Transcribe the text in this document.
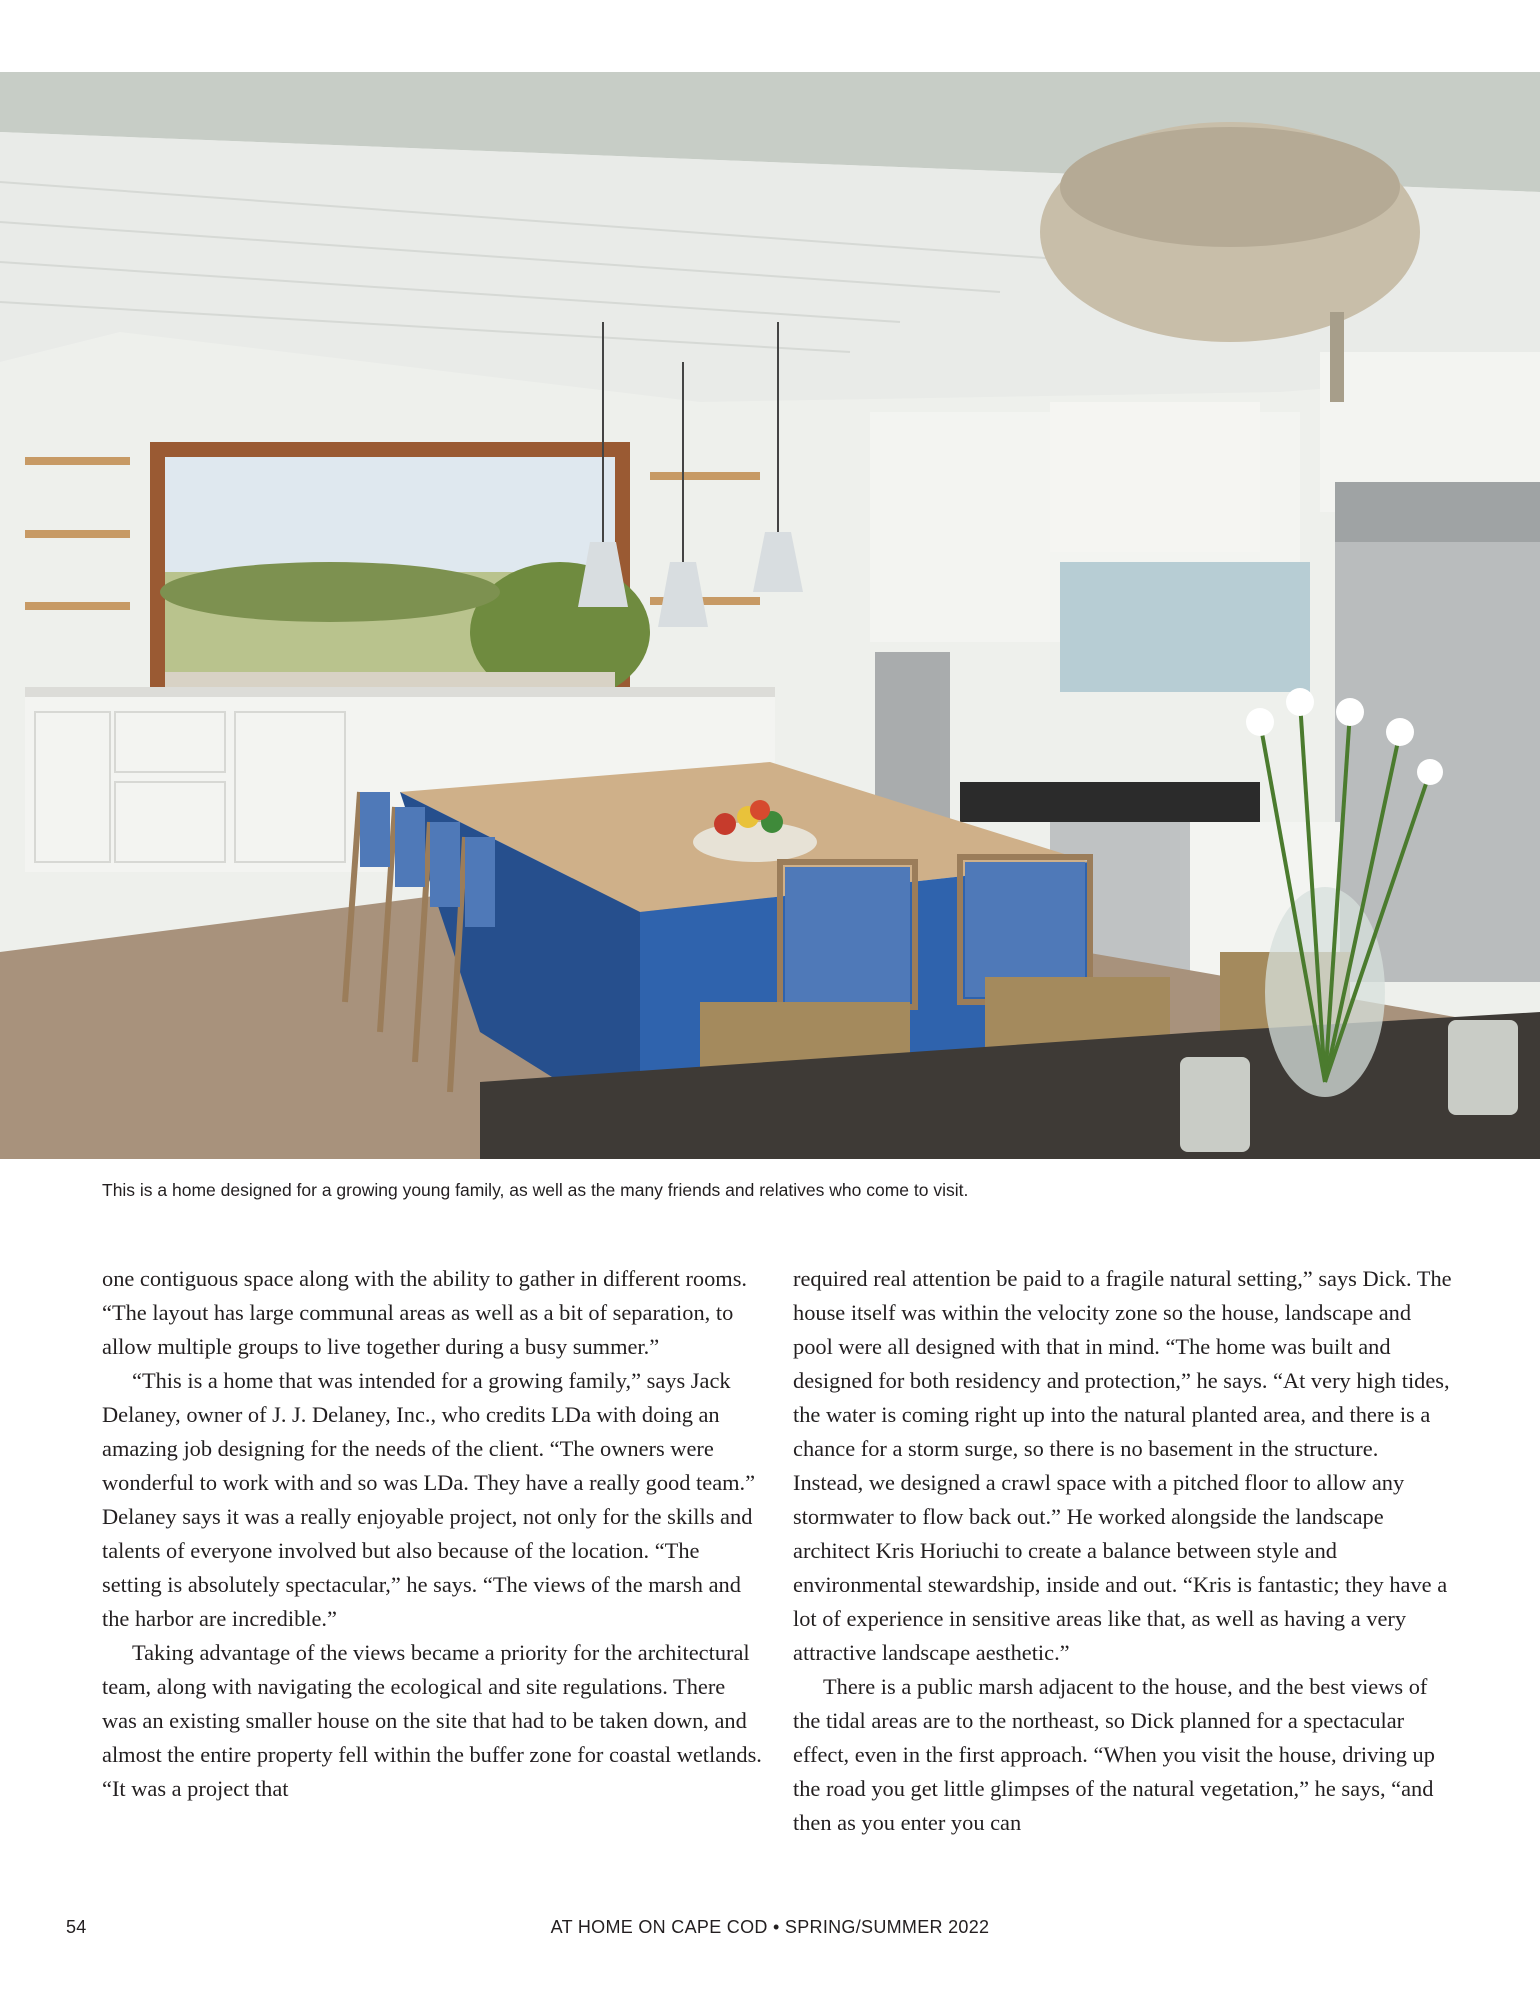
This is a home designed for a growing young family, as well as the many friends and relatives who come to visit.

one contiguous space along with the ability to gather in different rooms. “The layout has large communal areas as well as a bit of separation, to allow multiple groups to live together during a busy summer.”

“This is a home that was intended for a growing family,” says Jack Delaney, owner of J. J. Delaney, Inc., who credits LDa with doing an amazing job designing for the needs of the client. “The owners were wonderful to work with and so was LDa. They have a really good team.” Delaney says it was a really enjoyable project, not only for the skills and talents of everyone involved but also because of the location. “The setting is absolutely spectacular,” he says. “The views of the marsh and the harbor are incredible.”

Taking advantage of the views became a priority for the architectural team, along with navigating the ecological and site regulations. There was an existing smaller house on the site that had to be taken down, and almost the entire property fell within the buffer zone for coastal wetlands. “It was a project that

required real attention be paid to a fragile natural setting,” says Dick. The house itself was within the velocity zone so the house, landscape and pool were all designed with that in mind. “The home was built and designed for both residency and protection,” he says. “At very high tides, the water is coming right up into the natural planted area, and there is a chance for a storm surge, so there is no basement in the structure. Instead, we designed a crawl space with a pitched floor to allow any stormwater to flow back out.” He worked alongside the landscape architect Kris Horiuchi to create a balance between style and environmental stewardship, inside and out. “Kris is fantastic; they have a lot of experience in sensitive areas like that, as well as having a very attractive landscape aesthetic.”

There is a public marsh adjacent to the house, and the best views of the tidal areas are to the northeast, so Dick planned for a spectacular effect, even in the first approach. “When you visit the house, driving up the road you get little glimpses of the natural vegetation,” he says, “and then as you enter you can

54	AT HOME ON CAPE COD • SPRING/SUMMER 2022
